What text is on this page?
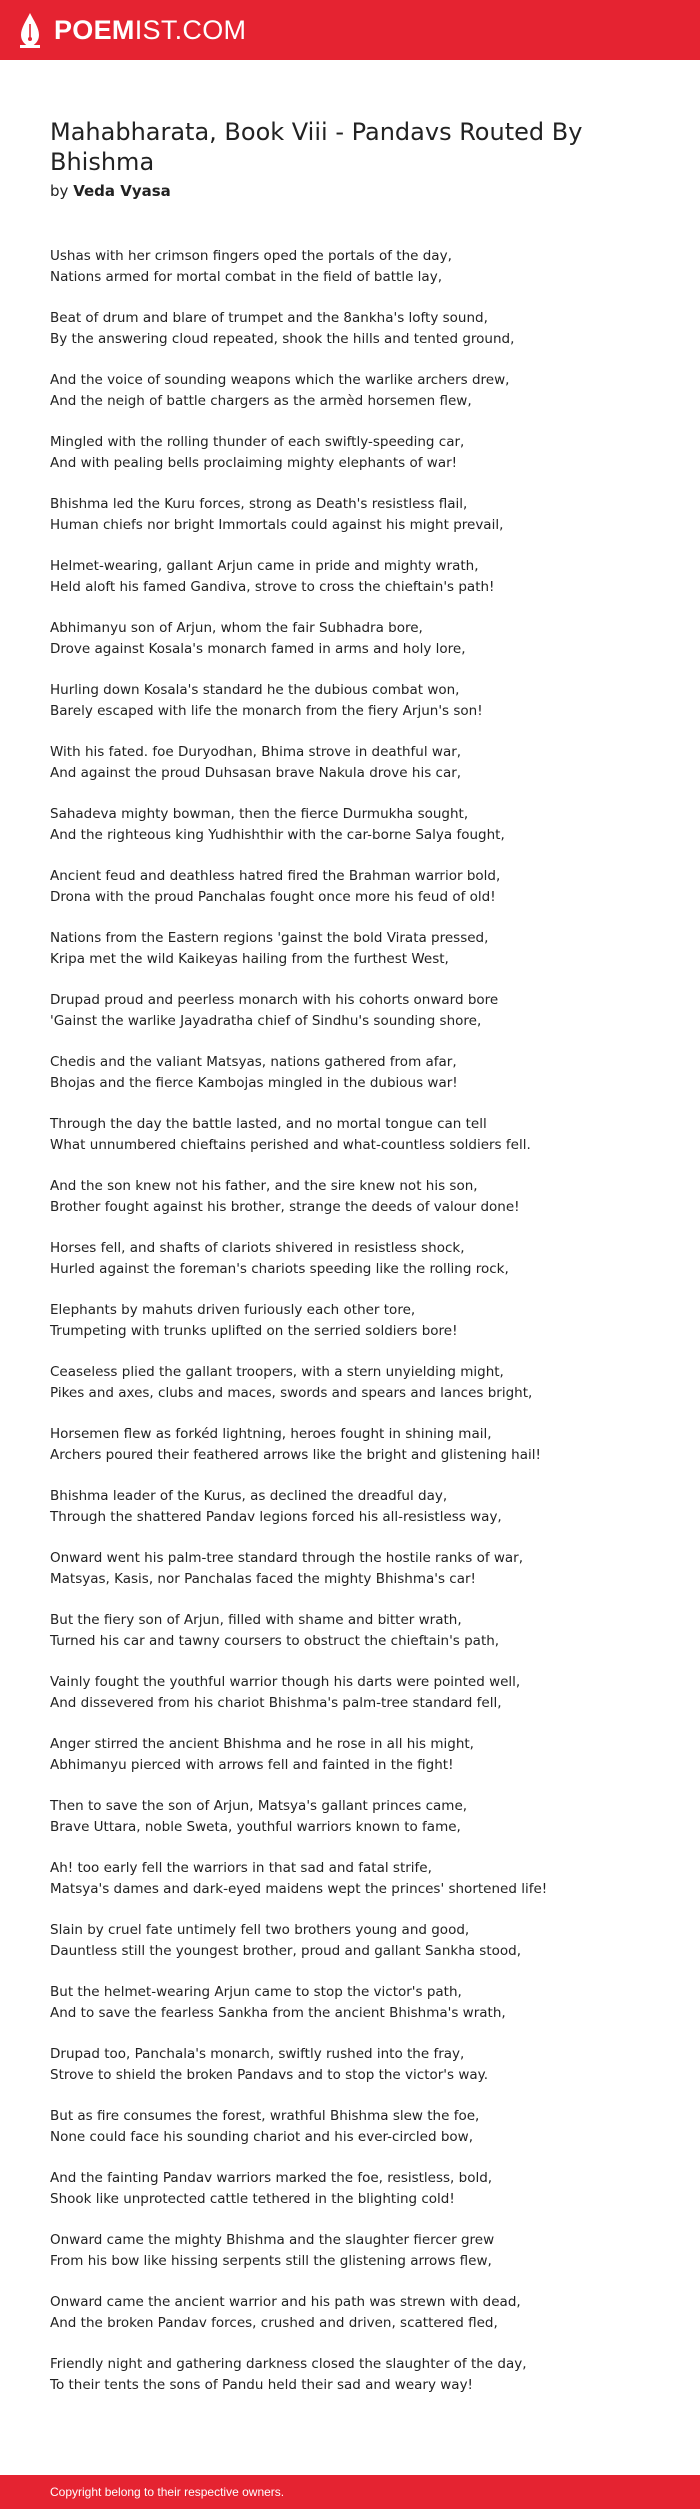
POEMIST.COM
Mahabharata, Book Viii - Pandavs Routed By Bhishma
by Veda Vyasa
Ushas with her crimson fingers oped the portals of the day,
Nations armed for mortal combat in the field of battle lay,
Beat of drum and blare of trumpet and the 8ankha's lofty sound,
By the answering cloud repeated, shook the hills and tented ground,
And the voice of sounding weapons which the warlike archers drew,
And the neigh of battle chargers as the armèd horsemen flew,
Mingled with the rolling thunder of each swiftly-speeding car,
And with pealing bells proclaiming mighty elephants of war!
Bhishma led the Kuru forces, strong as Death's resistless flail,
Human chiefs nor bright Immortals could against his might prevail,
Helmet-wearing, gallant Arjun came in pride and mighty wrath,
Held aloft his famed Gandiva, strove to cross the chieftain's path!
Abhimanyu son of Arjun, whom the fair Subhadra bore,
Drove against Kosala's monarch famed in arms and holy lore,
Hurling down Kosala's standard he the dubious combat won,
Barely escaped with life the monarch from the fiery Arjun's son!
With his fated. foe Duryodhan, Bhima strove in deathful war,
And against the proud Duhsasan brave Nakula drove his car,
Sahadeva mighty bowman, then the fierce Durmukha sought,
And the righteous king Yudhishthir with the car-borne Salya fought,
Ancient feud and deathless hatred fired the Brahman warrior bold,
Drona with the proud Panchalas fought once more his feud of old!
Nations from the Eastern regions 'gainst the bold Virata pressed,
Kripa met the wild Kaikeyas hailing from the furthest West,
Drupad proud and peerless monarch with his cohorts onward bore
'Gainst the warlike Jayadratha chief of Sindhu's sounding shore,
Chedis and the valiant Matsyas, nations gathered from afar,
Bhojas and the fierce Kambojas mingled in the dubious war!
Through the day the battle lasted, and no mortal tongue can tell
What unnumbered chieftains perished and what-countless soldiers fell.
And the son knew not his father, and the sire knew not his son,
Brother fought against his brother, strange the deeds of valour done!
Horses fell, and shafts of clariots shivered in resistless shock,
Hurled against the foreman's chariots speeding like the rolling rock,
Elephants by mahuts driven furiously each other tore,
Trumpeting with trunks uplifted on the serried soldiers bore!
Ceaseless plied the gallant troopers, with a stern unyielding might,
Pikes and axes, clubs and maces, swords and spears and lances bright,
Horsemen flew as forkéd lightning, heroes fought in shining mail,
Archers poured their feathered arrows like the bright and glistening hail!
Bhishma leader of the Kurus, as declined the dreadful day,
Through the shattered Pandav legions forced his all-resistless way,
Onward went his palm-tree standard through the hostile ranks of war,
Matsyas, Kasis, nor Panchalas faced the mighty Bhishma's car!
But the fiery son of Arjun, filled with shame and bitter wrath,
Turned his car and tawny coursers to obstruct the chieftain's path,
Vainly fought the youthful warrior though his darts were pointed well,
And dissevered from his chariot Bhishma's palm-tree standard fell,
Anger stirred the ancient Bhishma and he rose in all his might,
Abhimanyu pierced with arrows fell and fainted in the fight!
Then to save the son of Arjun, Matsya's gallant princes came,
Brave Uttara, noble Sweta, youthful warriors known to fame,
Ah! too early fell the warriors in that sad and fatal strife,
Matsya's dames and dark-eyed maidens wept the princes' shortened life!
Slain by cruel fate untimely fell two brothers young and good,
Dauntless still the youngest brother, proud and gallant Sankha stood,
But the helmet-wearing Arjun came to stop the victor's path,
And to save the fearless Sankha from the ancient Bhishma's wrath,
Drupad too, Panchala's monarch, swiftly rushed into the fray,
Strove to shield the broken Pandavs and to stop the victor's way.
But as fire consumes the forest, wrathful Bhishma slew the foe,
None could face his sounding chariot and his ever-circled bow,
And the fainting Pandav warriors marked the foe, resistless, bold,
Shook like unprotected cattle tethered in the blighting cold!
Onward came the mighty Bhishma and the slaughter fiercer grew
From his bow like hissing serpents still the glistening arrows flew,
Onward came the ancient warrior and his path was strewn with dead,
And the broken Pandav forces, crushed and driven, scattered fled,
Friendly night and gathering darkness closed the slaughter of the day,
To their tents the sons of Pandu held their sad and weary way!
Copyright belong to their respective owners.
